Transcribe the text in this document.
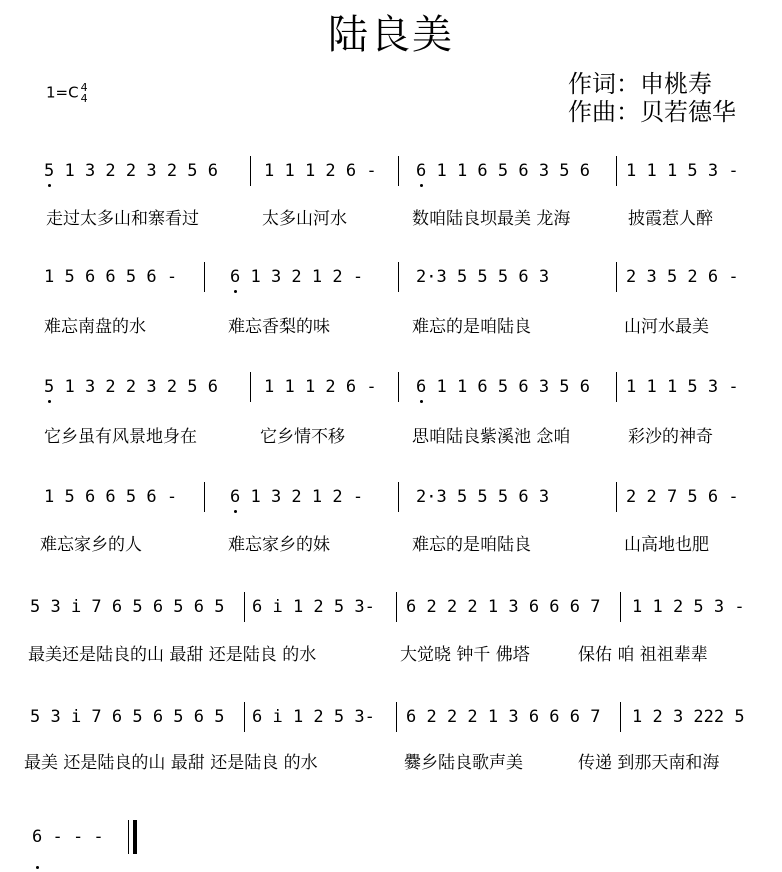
陆良美
1=C 4
4
作词：申桃寿
作曲：贝若德华
5 1 3 2 2 3 2 5 6	1 1 1 2 6 - 6 1 1 6 5 6 3 5 6 1 1 1 5 3 -
走过太多山和寨看过	太多山河水	数咱陆良坝最美 龙海	披霞惹人醉
1 5 6 6 5 6 -	6 1 3 2 1 2 -	2·3 5 5 5 6 3	2 3 5 2 6 -
难忘南盘的水	难忘香梨的味	难忘的是咱陆良	山河水最美
5 1 3 2 2 3 2 5 6	1 1 1 2 6 - 6 1 1 6 5 6 3 5 6 1 1 1 5 3 -
它乡虽有风景地身在	它乡情不移	思咱陆良紫溪池 念咱	彩沙的神奇
1 5 6 6 5 6 -	6 1 3 2 1 2 -	2·3 5 5 5 6 3	2 2 7 5 6 -
难忘家乡的人	难忘家乡的妹	难忘的是咱陆良	山高地也肥
5 3 i 7 6 5 6 5 6 5 6 i 1 2 5 3- 6 2 2 2 1 3 6 6 6 7 1 1 2 5 3 -
最美还是陆良的山 最甜 还是陆良 的水	大觉晓 钟千 佛塔	保佑 咱 祖祖辈辈
5 3 i 7 6 5 6 5 6 5 6 i 1 2 5 3- 6 2 2 2 1 3 6 6 6 7 1 2 3 222 5
最美 还是陆良的山 最甜 还是陆良 的水	爨乡陆良歌声美	传递 到那天南和海
6 - - -
